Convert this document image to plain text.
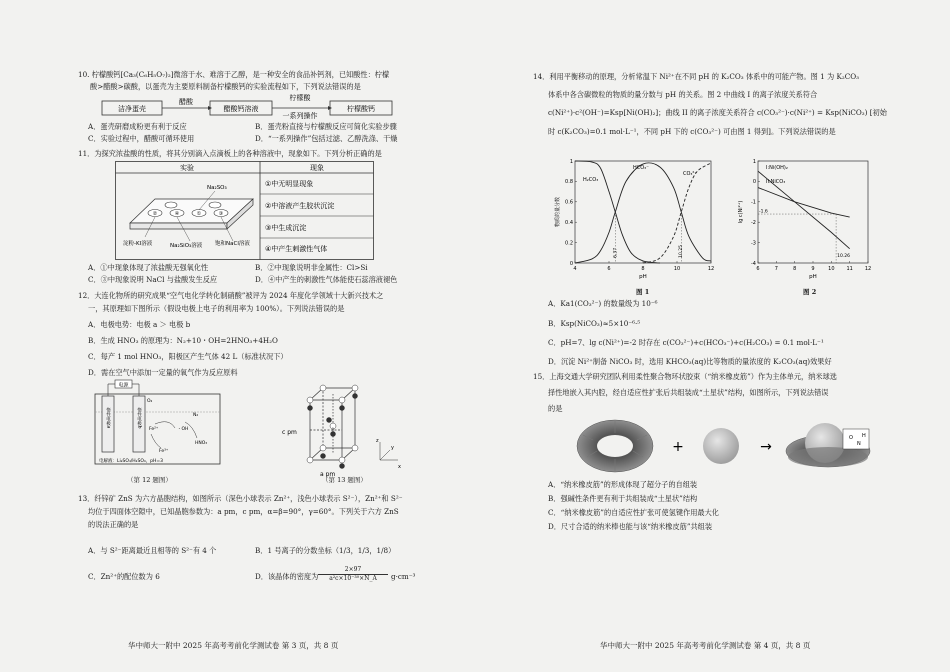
10. 柠檬酸钙[Ca₃(C₆H₅O₇)₂]微溶于水、难溶于乙醇，是一种安全的食品补钙剂，已知酸性：柠檬
酸>醋酸>碳酸，以蛋壳为主要原料制备柠檬酸钙的实验流程如下，下列说法错误的是
洁净蛋壳
醋酸
醋酸钙溶液
柠檬酸
一系列操作
柠檬酸钙
A．蛋壳研磨成粉更有利于反应	B．蛋壳粉直接与柠檬酸反应可简化实验步骤
C．实验过程中，醋酸可循环使用	D．“一系列操作”包括过滤、乙醇洗涤、干燥
11．为探究浓盐酸的性质，将其分别滴入点滴板上的各种溶液中，现象如下。下列分析正确的是
实验	现象
①中无明显现象
②中溶液产生胶状沉淀
③中生成沉淀
④中产生刺激性气体
②	④	①	③
Na₂SO₃
淀粉-KI溶液	Na₂SiO₃溶液 饱和NaCl溶液
A．①中现象体现了浓盐酸无强氧化性	B．②中现象说明非金属性：Cl>Si
C．③中现象说明 NaCl 与盐酸发生反应	D．④中产生的刺激性气体能使石蕊溶液褪色
12．大连化物所的研究成果“空气电化学转化制硝酸”被评为 2024 年度化学领域十大新兴技术之
一，其原理如下图所示（假设电极上电子的利用率为 100%）。下列说法错误的是
A．电极电势：电极 a ＞ 电极 b
B．生成 HNO₃ 的原理为：N₂+10・OH=2HNO₃+4H₂O
C．每产 1 mol HNO₃，阳极区产生气体 42 L（标准状况下）
D．需在空气中添加一定量的氧气作为反应原料
电源
惰性电极a	惰性电极b
O₂
N₂
・OH
HNO₃
Fe²⁺
Fe³⁺
电解液：Li₂SO₄/H₂SO₄，pH=3
（第 12 题图）
1
c pm
a pm
z
x
y
（第 13 题图）
13．纤锌矿 ZnS 为六方晶胞结构，如图所示（深色小球表示 Zn²⁺，浅色小球表示 S²⁻），Zn²⁺和 S²⁻
均位于四面体空隙中，已知晶胞参数为：a pm，c pm，α=β=90°，γ=60°。下列关于六方 ZnS
的说法正确的是
A．与 S²⁻距离最近且相等的 S²⁻有 4 个	B．1 号离子的分数坐标（1/3，1/3，1/8）
C．Zn²⁺的配位数为 6	D．该晶体的密度为
2×97
a²c×10⁻³⁰×N_A	g·cm⁻³
华中师大一附中 2025 年高考考前化学测试卷 第 3 页，共 8 页
14．利用平衡移动的原理，分析常温下 Ni²⁺在不同 pH 的 K₂CO₃ 体系中的可能产物。图 1 为 K₂CO₃
体系中各含碳微粒的物质的量分数与 pH 的关系。图 2 中曲线 I 的离子浓度关系符合
c(Ni²⁺)·c²(OH⁻)=Ksp[Ni(OH)₂]；曲线 II 的离子浓度关系符合 c(CO₃²⁻)·c(Ni²⁺) = Ksp(NiCO₃) [初始
时 c(K₂CO₃)=0.1 mol·L⁻¹，不同 pH 下的 c(CO₃²⁻) 可由图 1 得到]。下列说法错误的是
4	6	8	10	12
0
0.2
0.4
0.6
0.8
1
pH
物质的量分数
H₂CO₃
HCO₃⁻
CO₃²⁻
6.37	10.25
图 1
6	7	8	9	10 11 12
1
0
-1
-2
-3
-4
pH
lg c(Ni²⁺)
I:Ni(OH)₂
II:NiCO₃
-1.6
10.26
图 2
A．Ka1(CO₃²⁻) 的数量级为 10⁻⁶
B．Ksp(NiCO₃)≈5×10⁻⁶·⁵
C．pH=7、lg c(Ni²⁺)=-2 时存在 c(CO₃²⁻)+c(HCO₃⁻)+c(H₂CO₃) = 0.1 mol·L⁻¹
D．沉淀 Ni²⁺制备 NiCO₃ 时，选用 KHCO₃(aq)比等物质的量浓度的 K₂CO₃(aq)效果好
15．上海交通大学研究团队利用柔性聚合物环状胶束（“纳米橡皮筋”）作为主体单元，纳米球选
择性地嵌入其内腔，经自适应性扩张后共组装成“土星状”结构，如图所示，下列说法错误
的是
+	→
O
N
H
A．“纳米橡皮筋”的形成体现了超分子的自组装
B．强碱性条件更有利于共组装成“土星状”结构
C．“纳米橡皮筋”的自适应性扩张可使氢键作用最大化
D．尺寸合适的纳米棒也能与该“纳米橡皮筋”共组装
华中师大一附中 2025 年高考考前化学测试卷 第 4 页，共 8 页
